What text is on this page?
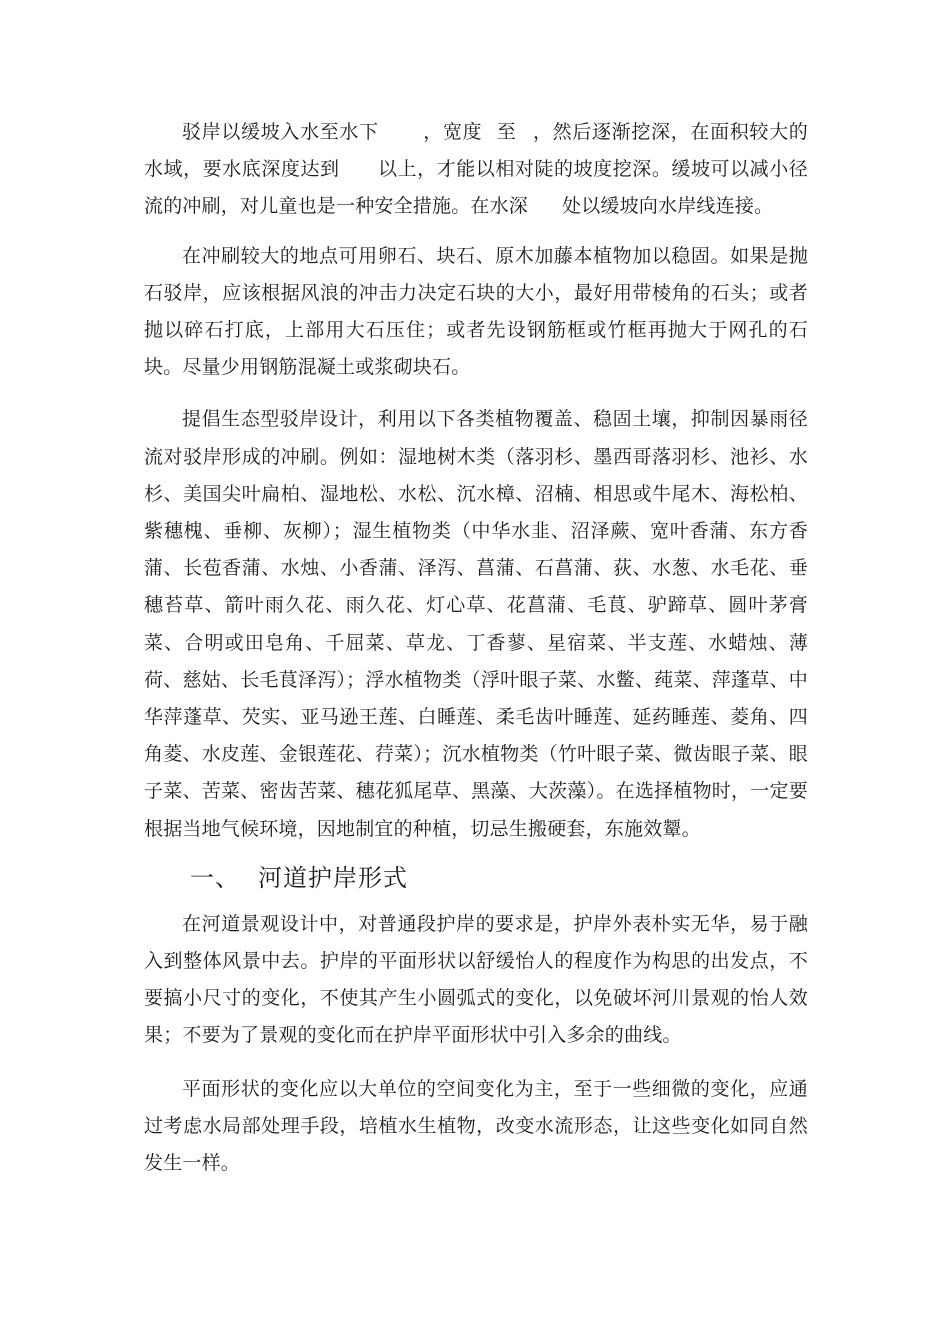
驳岸以缓坡入水至水下 ，宽度 至 ，然后逐渐挖深，在面积较大的水域，要水底深度达到 以上，才能以相对陡的坡度挖深。缓坡可以减小径流的冲刷，对儿童也是一种安全措施。在水深 处以缓坡向水岸线连接。

在冲刷较大的地点可用卵石、块石、原木加藤本植物加以稳固。如果是抛石驳岸，应该根据风浪的冲击力决定石块的大小，最好用带棱角的石头；或者抛以碎石打底，上部用大石压住；或者先设钢筋框或竹框再抛大于网孔的石块。尽量少用钢筋混凝土或浆砌块石。

提倡生态型驳岸设计，利用以下各类植物覆盖、稳固土壤，抑制因暴雨径流对驳岸形成的冲刷。例如：湿地树木类（落羽杉、墨西哥落羽杉、池衫、水杉、美国尖叶扁柏、湿地松、水松、沉水樟、沼楠、相思或牛尾木、海松柏、紫穗槐、垂柳、灰柳）；湿生植物类（中华水韭、沼泽蕨、宽叶香蒲、东方香蒲、长苞香蒲、水烛、小香蒲、泽泻、菖蒲、石菖蒲、荻、水葱、水毛花、垂穗苔草、箭叶雨久花、雨久花、灯心草、花菖蒲、毛茛、驴蹄草、圆叶茅膏菜、合明或田皂角、千屈菜、草龙、丁香蓼、星宿菜、半支莲、水蜡烛、薄荷、慈姑、长毛茛泽泻）；浮水植物类（浮叶眼子菜、水鳖、莼菜、萍蓬草、中华萍蓬草、芡实、亚马逊王莲、白睡莲、柔毛齿叶睡莲、延药睡莲、菱角、四角菱、水皮莲、金银莲花、荇菜）；沉水植物类（竹叶眼子菜、微齿眼子菜、眼子菜、苦菜、密齿苦菜、穗花狐尾草、黑藻、大茨藻）。在选择植物时，一定要根据当地气候环境，因地制宜的种植，切忌生搬硬套，东施效颦。

一、 河道护岸形式

在河道景观设计中，对普通段护岸的要求是，护岸外表朴实无华，易于融入到整体风景中去。护岸的平面形状以舒缓怡人的程度作为构思的出发点，不要搞小尺寸的变化，不使其产生小圆弧式的变化，以免破坏河川景观的怡人效果；不要为了景观的变化而在护岸平面形状中引入多余的曲线。

平面形状的变化应以大单位的空间变化为主，至于一些细微的变化，应通过考虑水局部处理手段，培植水生植物，改变水流形态，让这些变化如同自然发生一样。
